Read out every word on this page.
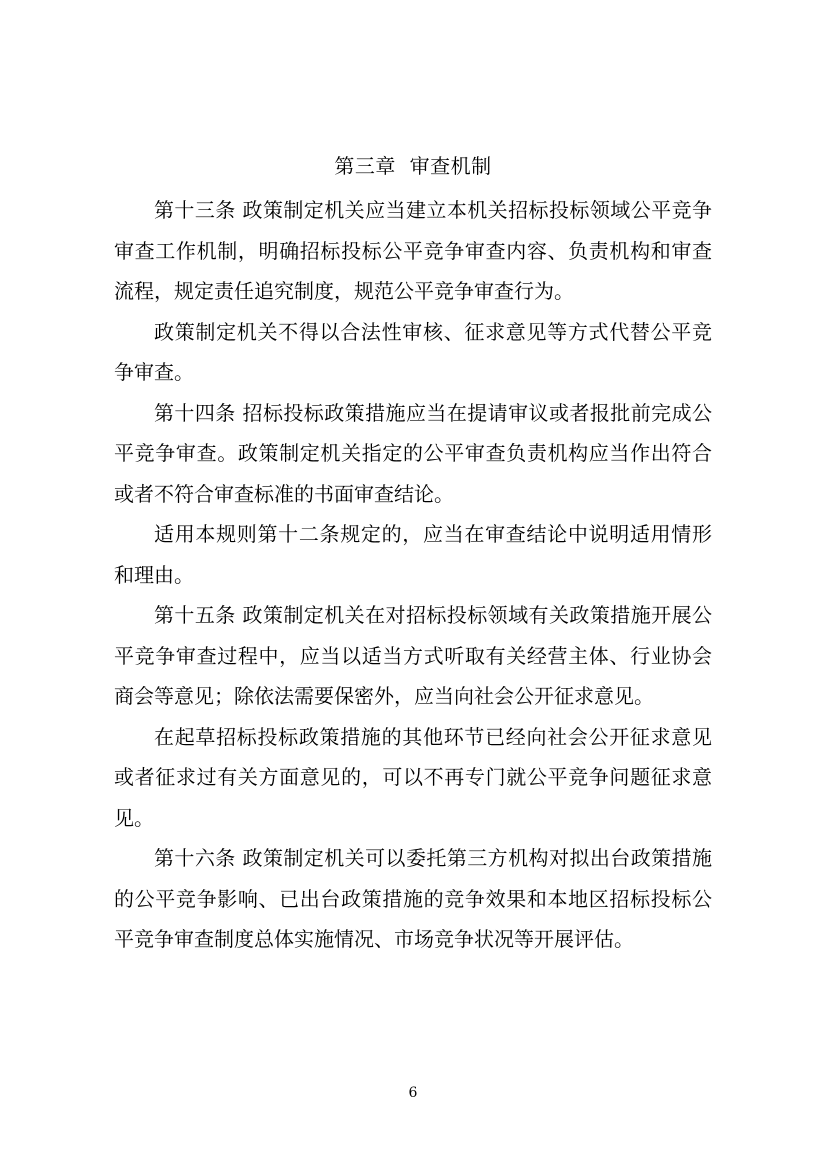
第三章  审查机制

第十三条 政策制定机关应当建立本机关招标投标领域公平竞争审查工作机制，明确招标投标公平竞争审查内容、负责机构和审查流程，规定责任追究制度，规范公平竞争审查行为。

政策制定机关不得以合法性审核、征求意见等方式代替公平竞争审查。

第十四条 招标投标政策措施应当在提请审议或者报批前完成公平竞争审查。政策制定机关指定的公平审查负责机构应当作出符合或者不符合审查标准的书面审查结论。

适用本规则第十二条规定的，应当在审查结论中说明适用情形和理由。

第十五条 政策制定机关在对招标投标领域有关政策措施开展公平竞争审查过程中，应当以适当方式听取有关经营主体、行业协会商会等意见；除依法需要保密外，应当向社会公开征求意见。

在起草招标投标政策措施的其他环节已经向社会公开征求意见或者征求过有关方面意见的，可以不再专门就公平竞争问题征求意见。

第十六条 政策制定机关可以委托第三方机构对拟出台政策措施的公平竞争影响、已出台政策措施的竞争效果和本地区招标投标公平竞争审查制度总体实施情况、市场竞争状况等开展评估。

6
